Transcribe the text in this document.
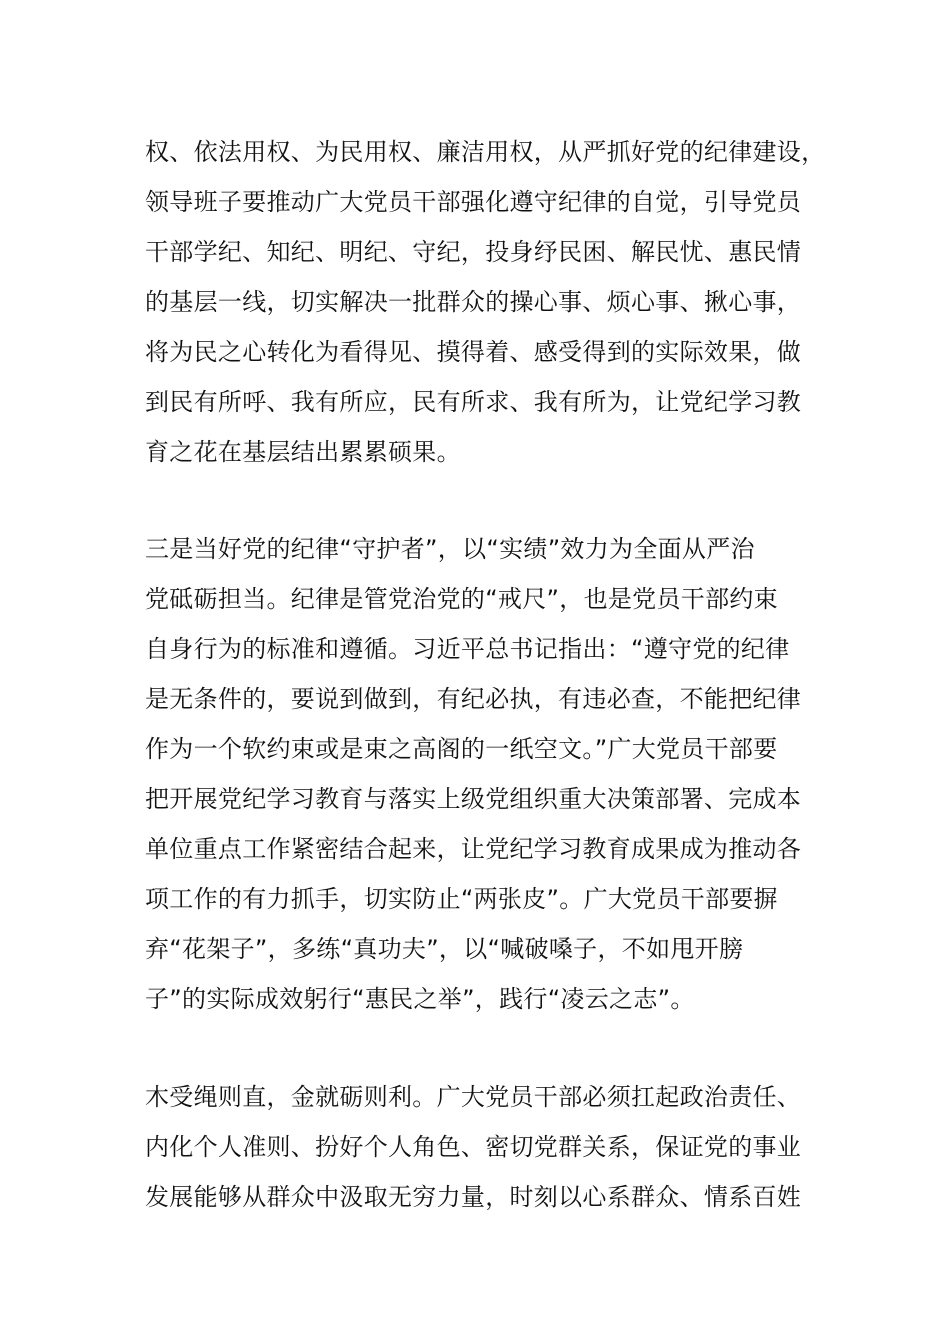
权、依法用权、为民用权、廉洁用权，从严抓好党的纪律建设，
领导班子要推动广大党员干部强化遵守纪律的自觉，引导党员
干部学纪、知纪、明纪、守纪，投身纾民困、解民忧、惠民情
的基层一线，切实解决一批群众的操心事、烦心事、揪心事，
将为民之心转化为看得见、摸得着、感受得到的实际效果，做
到民有所呼、我有所应，民有所求、我有所为，让党纪学习教
育之花在基层结出累累硕果。
三是当好党的纪律“守护者”，以“实绩”效力为全面从严治
党砥砺担当。纪律是管党治党的“戒尺”，也是党员干部约束
自身行为的标准和遵循。习近平总书记指出：“遵守党的纪律
是无条件的，要说到做到，有纪必执，有违必查，不能把纪律
作为一个软约束或是束之高阁的一纸空文。”广大党员干部要
把开展党纪学习教育与落实上级党组织重大决策部署、完成本
单位重点工作紧密结合起来，让党纪学习教育成果成为推动各
项工作的有力抓手，切实防止“两张皮”。广大党员干部要摒
弃“花架子”，多练“真功夫”，以“喊破嗓子，不如甩开膀
子”的实际成效躬行“惠民之举”，践行“凌云之志”。
木受绳则直，金就砺则利。广大党员干部必须扛起政治责任、
内化个人准则、扮好个人角色、密切党群关系，保证党的事业
发展能够从群众中汲取无穷力量，时刻以心系群众、情系百姓
